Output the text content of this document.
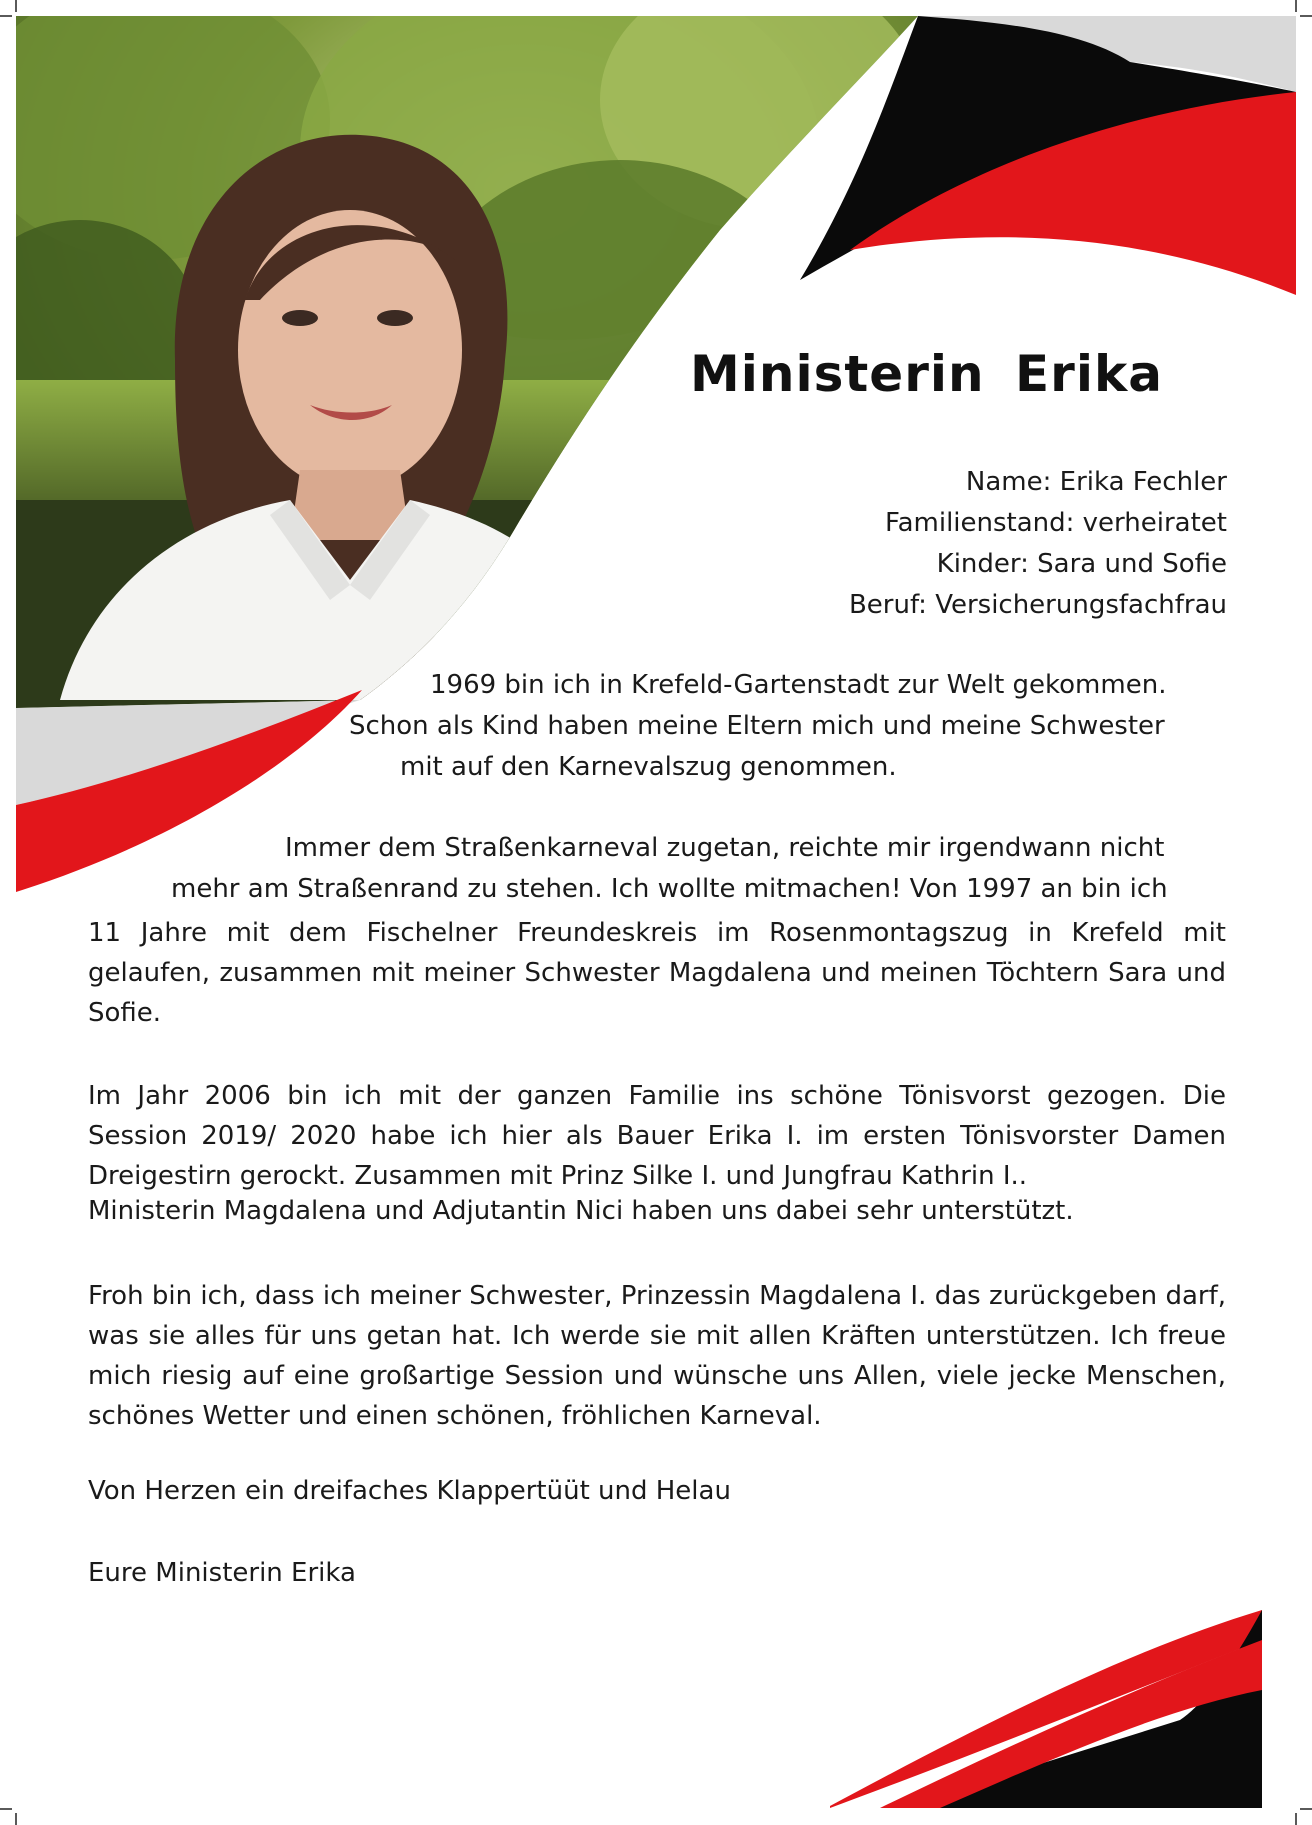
Ministerin Erika
Name: Erika Fechler
Familienstand: verheiratet
Kinder: Sara und Sofie
Beruf: Versicherungsfachfrau
1969 bin ich in Krefeld-Gartenstadt zur Welt gekommen.
Schon als Kind haben meine Eltern mich und meine Schwester
mit auf den Karnevalszug genommen.
Immer dem Straßenkarneval zugetan, reichte mir irgendwann nicht
mehr am Straßenrand zu stehen. Ich wollte mitmachen! Von 1997 an bin ich

11 Jahre mit dem Fischelner Freundeskreis im Rosenmontagszug in Krefeld mit gelaufen, zusammen mit meiner Schwester Magdalena und meinen Töchtern Sara und Sofie.

Im Jahr 2006 bin ich mit der ganzen Familie ins schöne Tönisvorst gezogen. Die Session 2019/ 2020 habe ich hier als Bauer Erika I. im ersten Tönisvorster Damen Dreigestirn gerockt. Zusammen mit Prinz Silke I. und Jungfrau Kathrin I..

Ministerin Magdalena und Adjutantin Nici haben uns dabei sehr unterstützt.

Froh bin ich, dass ich meiner Schwester, Prinzessin Magdalena I. das zurückgeben darf, was sie alles für uns getan hat. Ich werde sie mit allen Kräften unterstützen. Ich freue mich riesig auf eine großartige Session und wünsche uns Allen, viele jecke Menschen, schönes Wetter und einen schönen, fröhlichen Karneval.

Von Herzen ein dreifaches Klappertüüt und Helau

Eure Ministerin Erika
